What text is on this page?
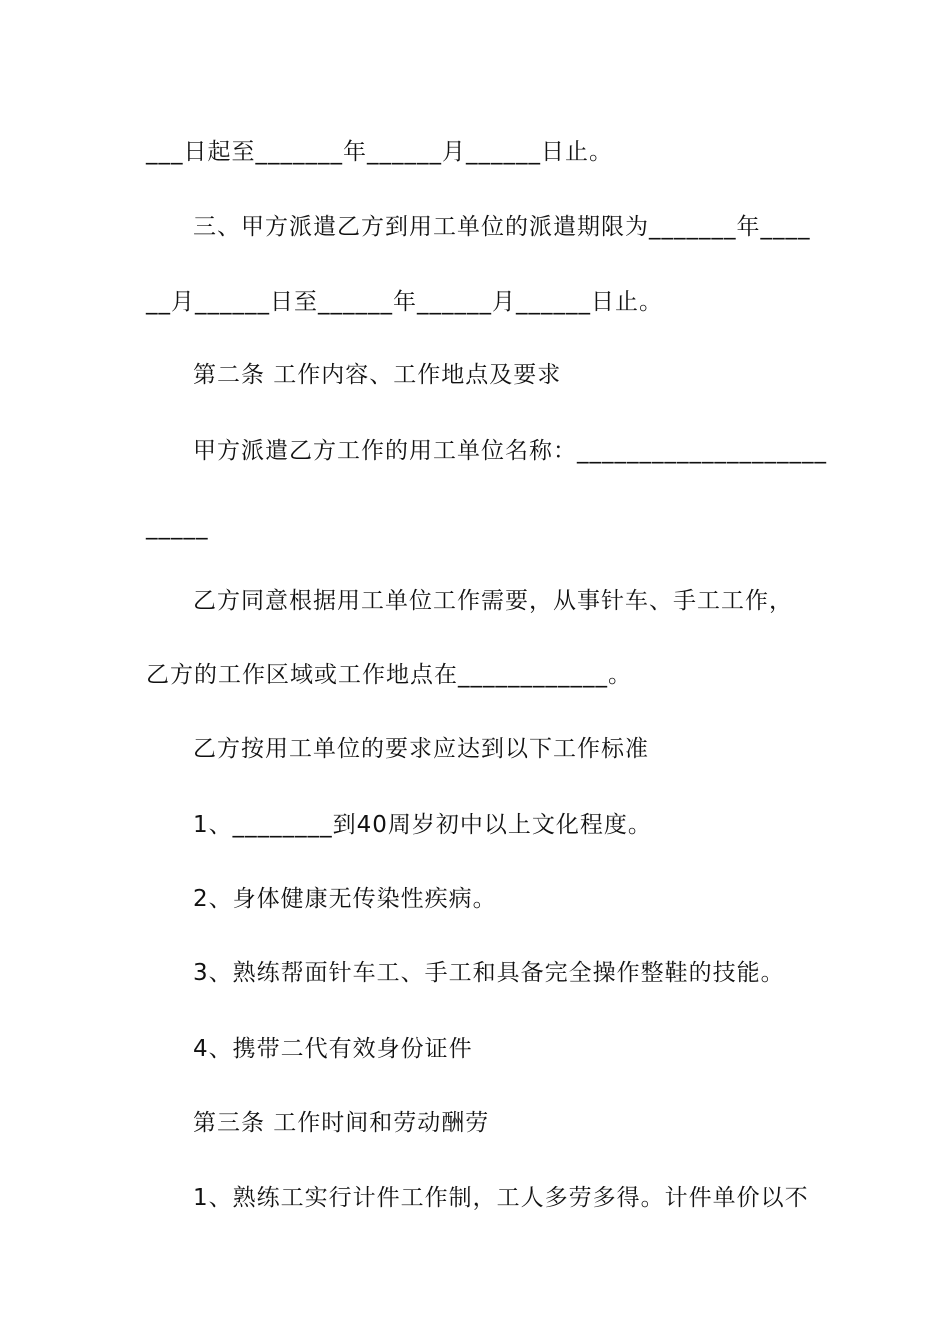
___日起至_______年______月______日止。
三、甲方派遣乙方到用工单位的派遣期限为_______年____
__月______日至______年______月______日止。
第二条 工作内容、工作地点及要求
甲方派遣乙方工作的用工单位名称：____________________
_____
乙方同意根据用工单位工作需要，从事针车、手工工作，
乙方的工作区域或工作地点在____________。
乙方按用工单位的要求应达到以下工作标准
1、________到40周岁初中以上文化程度。
2、身体健康无传染性疾病。
3、熟练帮面针车工、手工和具备完全操作整鞋的技能。
4、携带二代有效身份证件
第三条 工作时间和劳动酬劳
1、熟练工实行计件工作制，工人多劳多得。计件单价以不
